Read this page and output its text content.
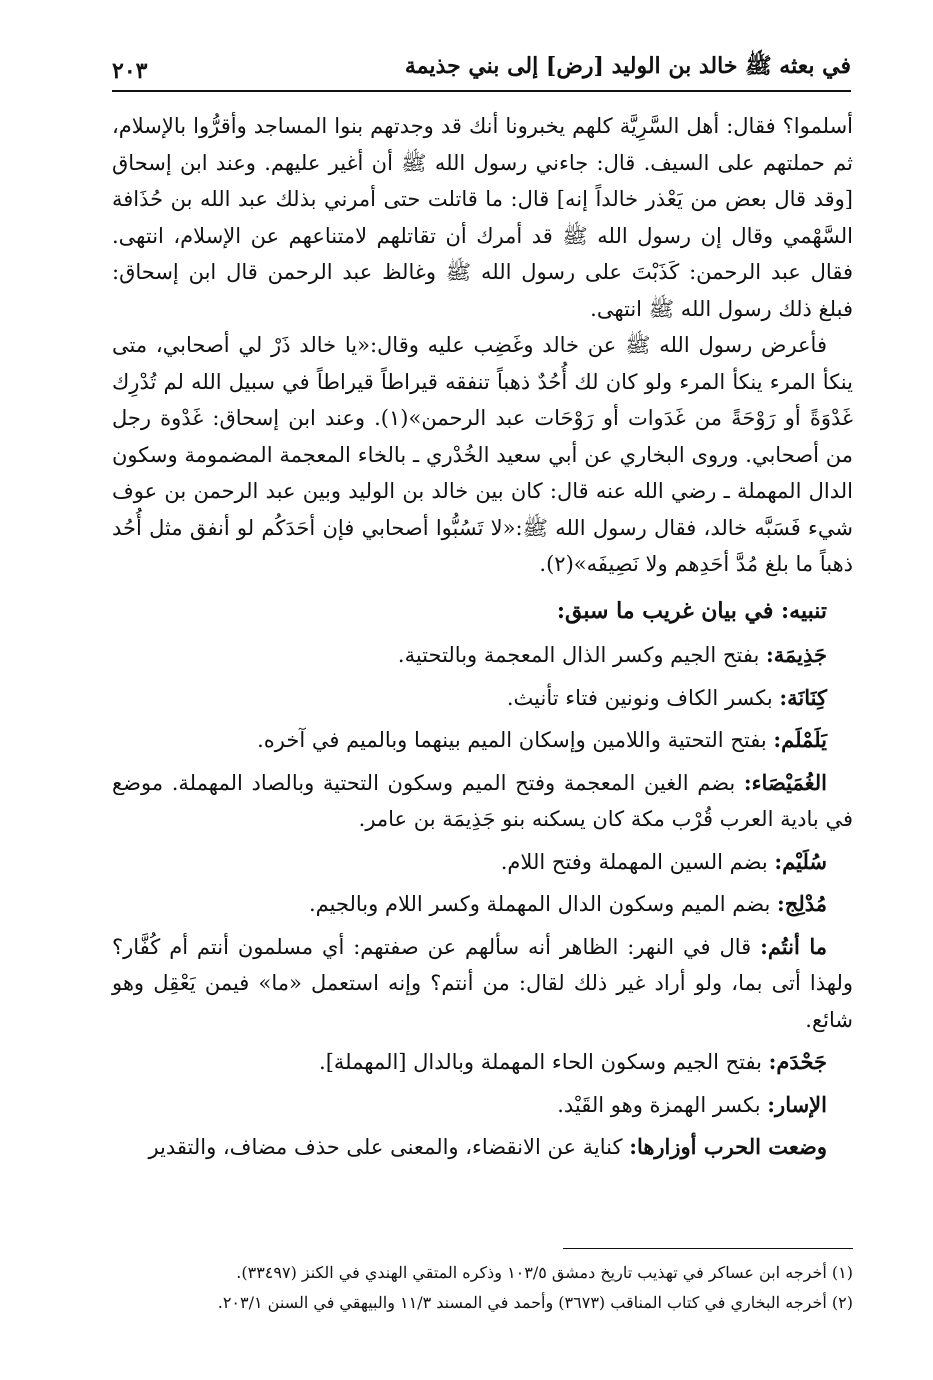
في بعثه ﷺ خالد بن الوليد [رض] إلى بني جذيمة
٢٠٣

أسلموا؟ فقال: أهل السَّرِيَّة كلهم يخبرونا أنك قد وجدتهم بنوا المساجد وأقرُّوا بالإسلام، ثم حملتهم على السيف. قال: جاءني رسول الله ﷺ أن أغير عليهم. وعند ابن إسحاق [وقد قال بعض من يَعْذر خالداً إنه] قال: ما قاتلت حتى أمرني بذلك عبد الله بن حُذَافة السَّهْمي وقال إن رسول الله ﷺ قد أمرك أن تقاتلهم لامتناعهم عن الإسلام، انتهى. فقال عبد الرحمن: كَذَبْتَ على رسول الله ﷺ وغالظ عبد الرحمن قال ابن إسحاق: فبلغ ذلك رسول الله ﷺ انتهى.

فأعرض رسول الله ﷺ عن خالد وغَضِب عليه وقال:«يا خالد ذَرْ لي أصحابي، متى ينكأ المرء ينكأ المرء ولو كان لك أُحُدٌ ذهباً تنفقه قيراطاً قيراطاً في سبيل الله لم تُدْرِك غَدْوَةً أو رَوْحَةً من غَدَوات أو رَوْحَات عبد الرحمن»(١). وعند ابن إسحاق: غَدْوة رجل من أصحابي. وروى البخاري عن أبي سعيد الخُدْري ـ بالخاء المعجمة المضمومة وسكون الدال المهملة ـ رضي الله عنه قال: كان بين خالد بن الوليد وبين عبد الرحمن بن عوف شيء فَسَبَّه خالد، فقال رسول الله ﷺ:«لا تَسُبُّوا أصحابي فإن أحَدَكُم لو أنفق مثل أُحُد ذهباً ما بلغ مُدَّ أحَدِهم ولا نَصِيفَه»(٢).

تنبيه: في بيان غريب ما سبق:

جَذِيمَة: بفتح الجيم وكسر الذال المعجمة وبالتحتية.

كِنَانَة: بكسر الكاف ونونين فتاء تأنيث.

يَلَمْلَم: بفتح التحتية واللامين وإسكان الميم بينهما وبالميم في آخره.

الغُمَيْصَاء: بضم الغين المعجمة وفتح الميم وسكون التحتية وبالصاد المهملة. موضع في بادية العرب قُرْب مكة كان يسكنه بنو جَذِيمَة بن عامر.

سُلَيْم: بضم السين المهملة وفتح اللام.

مُدْلِج: بضم الميم وسكون الدال المهملة وكسر اللام وبالجيم.

ما أنتُم: قال في النهر: الظاهر أنه سألهم عن صفتهم: أي مسلمون أنتم أم كُفَّار؟ ولهذا أتى بما، ولو أراد غير ذلك لقال: من أنتم؟ وإنه استعمل «ما» فيمن يَعْقِل وهو شائع.

جَحْدَم: بفتح الجيم وسكون الحاء المهملة وبالدال [المهملة].

الإسار: بكسر الهمزة وهو القَيْد.

وضعت الحرب أوزارها: كناية عن الانقضاء، والمعنى على حذف مضاف، والتقدير

(١) أخرجه ابن عساكر في تهذيب تاريخ دمشق ١٠٣/٥ وذكره المتقي الهندي في الكنز (٣٣٤٩٧).

(٢) أخرجه البخاري في كتاب المناقب (٣٦٧٣) وأحمد في المسند ١١/٣ والبيهقي في السنن ٢٠٣/١.
